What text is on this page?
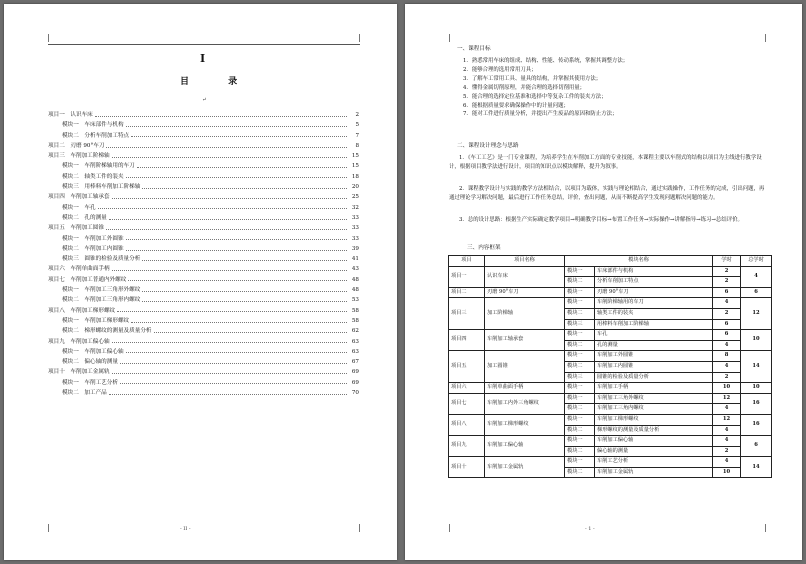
I
目 录
↵
项目一　认识车床	2
模块一　车床部件与机构	5
模块二　分析车削加工特点	7
项目二　刃磨 90°车刀	8
项目三　车削加工阶梯轴	15
模块一　车削阶梯轴用的车刀	15
模块二　轴类工件的装夹	18
模块三　用棒料车削加工阶梯轴	20
项目四　车削加工轴承套	25
模块一　车孔	32
模块二　孔的测量	33
项目五　车削加工圆锥	33
模块一　车削加工外圆锥	33
模块二　车削加工内圆锥	39
模块三　圆锥的检验及质量分析	41
项目六　车削单曲面手柄	43
项目七　车削加工普通内外螺纹	48
模块一　车削加工三角形外螺纹	48
模块二　车削加工三角形内螺纹	53
项目八　车削加工梯形螺纹	58
模块一　车削加工梯形螺纹	58
模块二　梯形螺纹的测量及质量分析	62
项目九　车削加工偏心轴	63
模块一　车削加工偏心轴	63
模块二　偏心轴的测量	67
项目十　车削加工金属轨	69
模块一　车削工艺分析	69
模块二　加工产品	70
- II -
一、课程目标
1．熟悉常用车床的组成、结构、性能、传动系统，掌握其调整方法；
2．能够合理的选用常用刀具；
3．了解车工常用工具、量具的结构，并掌握其使用方法；
4．懂得金属切削原理，并能合理的选择切削用量；
5．能合理的选择定位基准和选择中等复杂工件的装夹方法；
6．能根据质量要求确保操作中的计量问题；
7．能对工件进行质量分析，并提出产生废品的原因和防止方法；
二、课程设计理念与思路
1．《车工工艺》是一门专业课程，为培养学生在车削加工方面的专业技能，本课程主要以车削式的结构以项目为主线进行教学设计，根据项目教学法进行设计，项目的知识点以模块解释，提升为叙事。
2．课程教学设计与实践的教学方法相结合，以项目为载体，实践与理论相结合，通过实践操作，工作任务的完成，引出问题，再通过理论学习解决问题，最后进行工作任务总结，评价，查出问题，从而不断提高学生发现问题解决问题的能力。
3．总的设计思路：根据生产实际确定教学项目→明确教学目标→布置工作任务→实际操作→讲解指导→练习→总结评价。
三、内容框架
项目	项目名称	模块名称		学时	总学时
项目一	认识车床	模块一	车床部件与机构	2	4
		模块二	分析车削加工特点	2	
项目二	刃磨 90°车刀	模块一	刃磨 90°车刀	6	6
项目三	加工阶梯轴	模块一	车削阶梯轴用的车刀	4	12
		模块二	轴类工件的装夹	2	
		模块三	用棒料车削加工阶梯轴	6	
项目四	车削加工轴承套	模块一	车孔	6	10
		模块二	孔的测量	4	
项目五	加工圆锥	模块一	车削加工外圆锥	8	14
		模块二	车削加工内圆锥	4	
		模块三	圆锥的检验及质量分析	2	
项目六	车削单曲面手柄	模块一	车削加工手柄	10	10
项目七	车削加工内外三角螺纹	模块一	车削加工三角外螺纹	12	16
		模块二	车削加工三角内螺纹	4	
项目八	车削加工梯形螺纹	模块一	车削加工梯形螺纹	12	16
		模块二	梯形螺纹的测量及质量分析	4	
项目九	车削加工偏心轴	模块一	车削加工偏心轴	4	6
		模块二	偏心轴的测量	2	
项目十	车削加工金属轨	模块一	车削工艺分析	4	14
		模块二	车削加工金属轨	10	
- 1 -
